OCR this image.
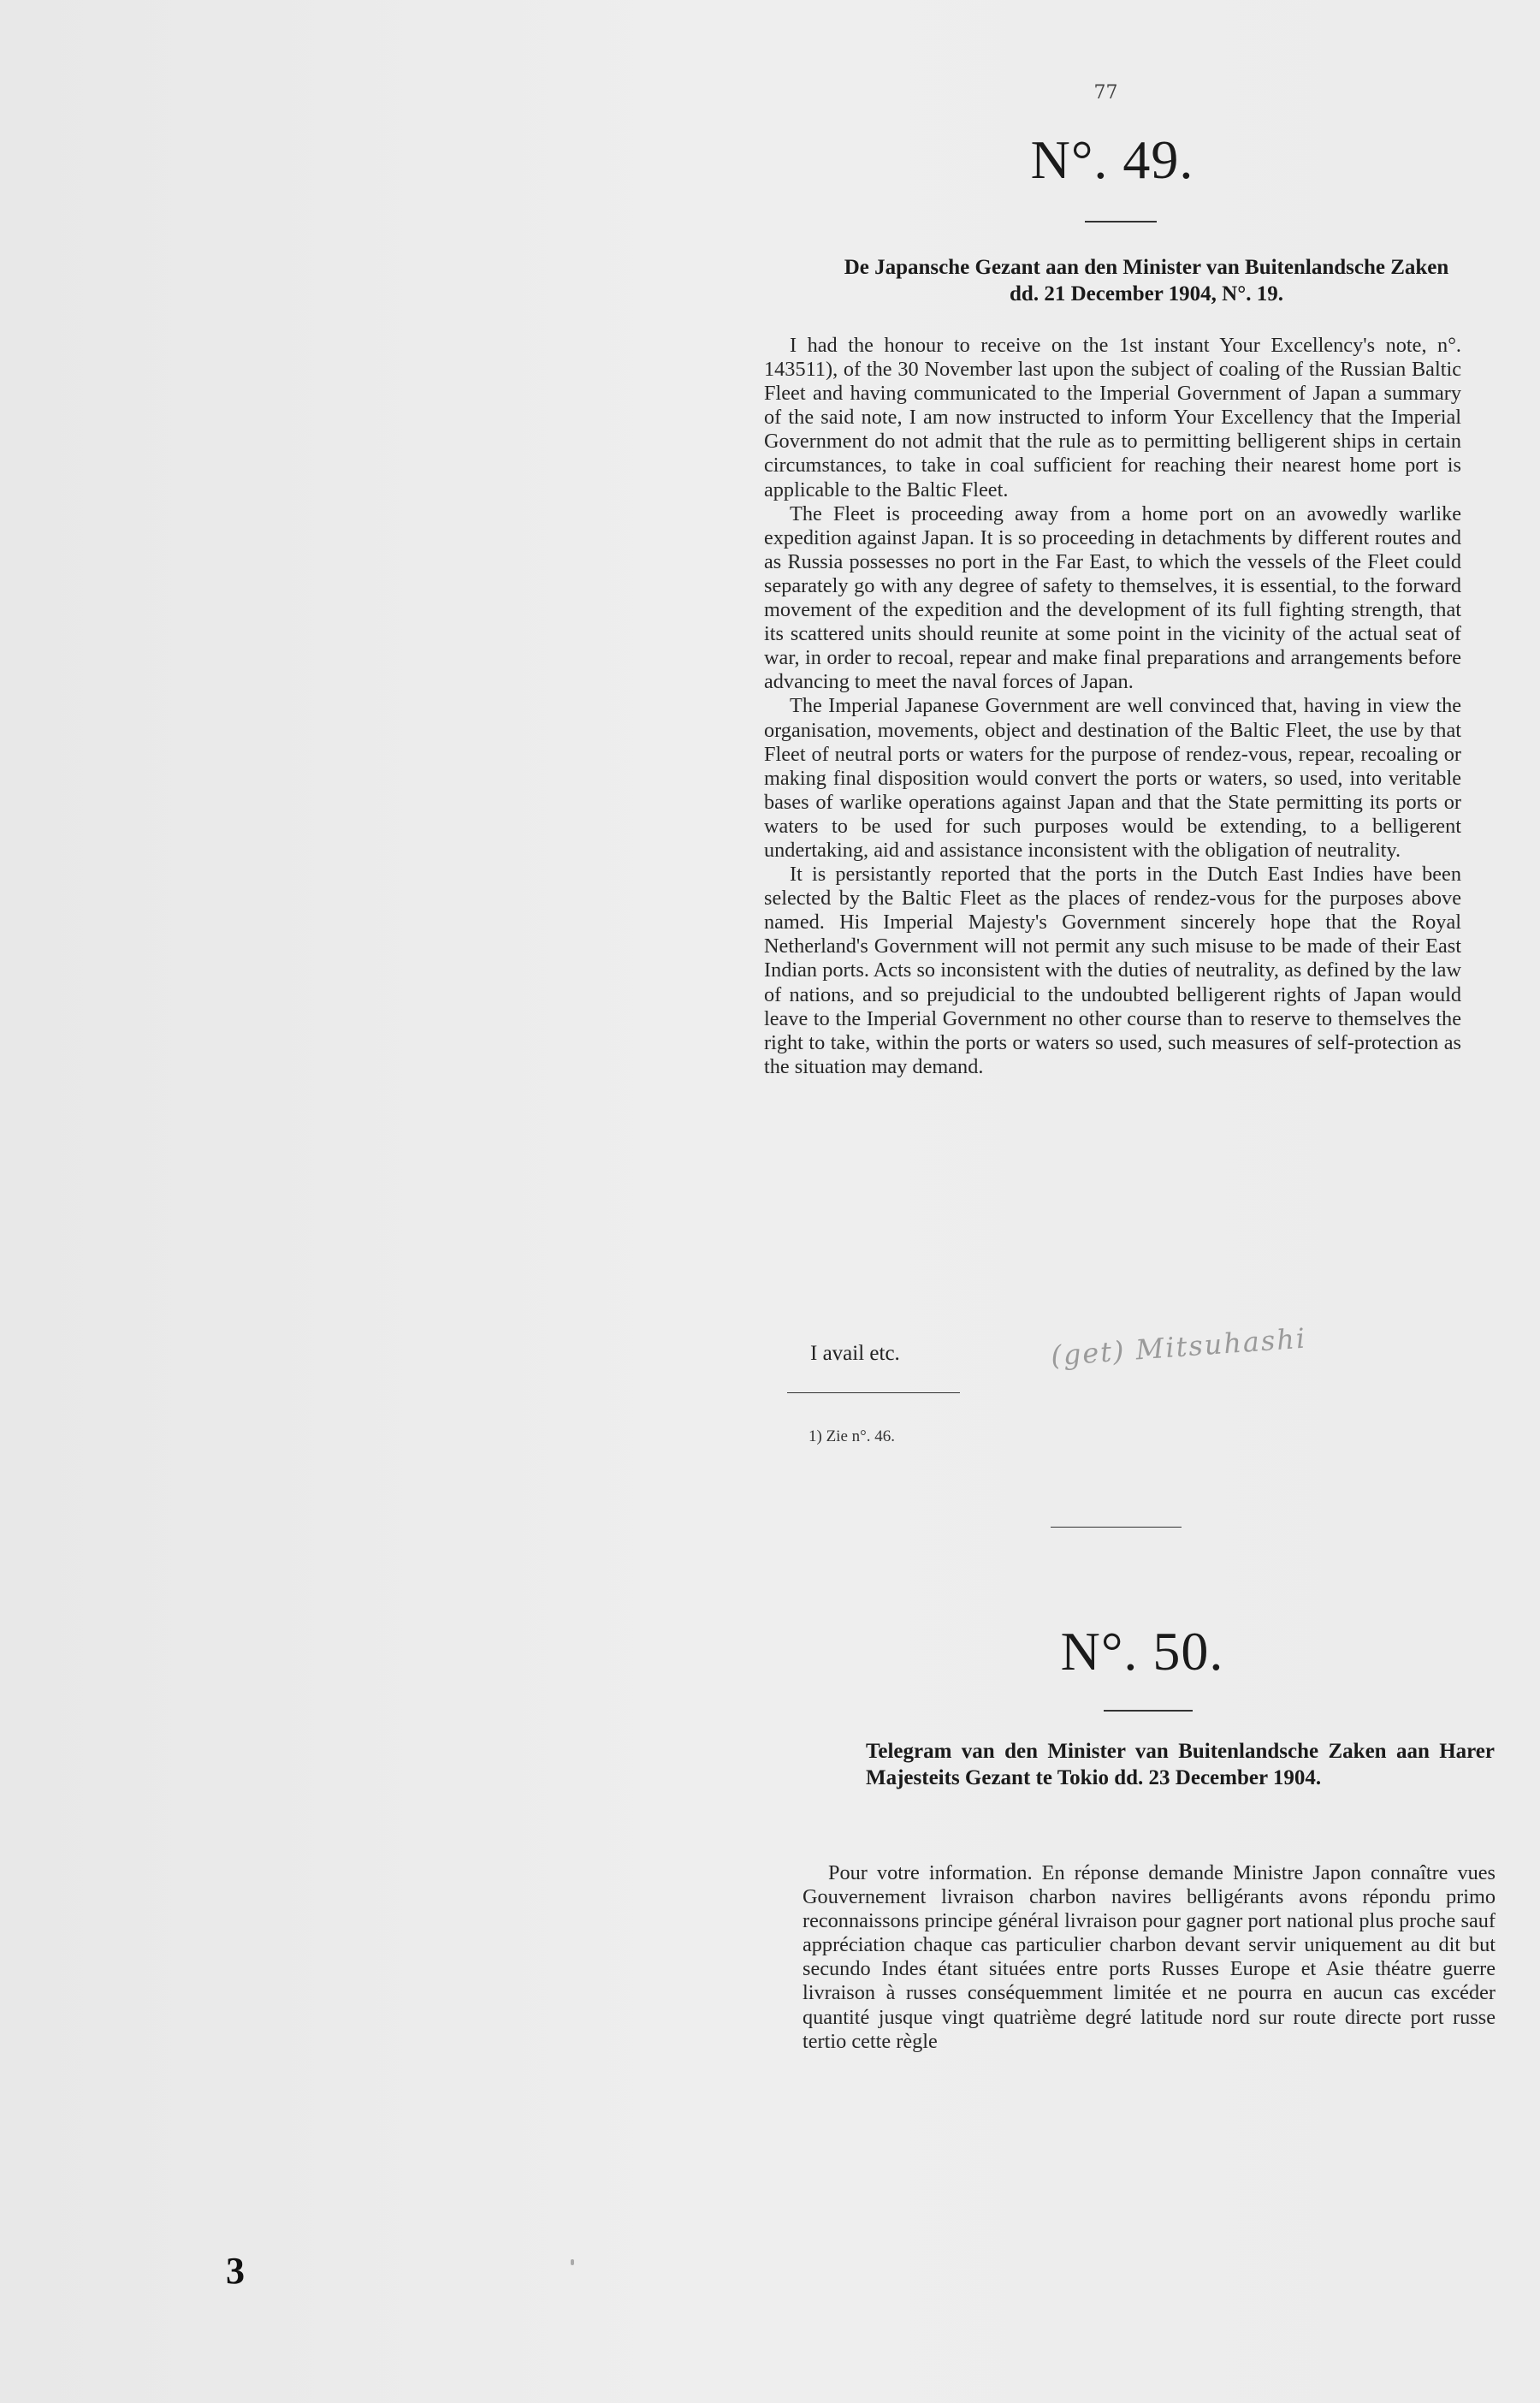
77
N°. 49.
De Japansche Gezant aan den Minister van Buitenlandsche Zaken dd. 21 December 1904, N°. 19.

I had the honour to receive on the 1st instant Your Excellency's note, n°. 143511), of the 30 November last upon the subject of coaling of the Russian Baltic Fleet and having communicated to the Imperial Government of Japan a summary of the said note, I am now instructed to inform Your Excellency that the Imperial Government do not admit that the rule as to permitting belligerent ships in certain circumstances, to take in coal sufficient for reaching their nearest home port is applicable to the Baltic Fleet.

The Fleet is proceeding away from a home port on an avowedly warlike expedition against Japan. It is so proceeding in detachments by different routes and as Russia possesses no port in the Far East, to which the vessels of the Fleet could separately go with any degree of safety to themselves, it is essential, to the forward movement of the expedition and the development of its full fighting strength, that its scattered units should reunite at some point in the vicinity of the actual seat of war, in order to recoal, repear and make final preparations and arrangements before advancing to meet the naval forces of Japan.

The Imperial Japanese Government are well convinced that, having in view the organisation, movements, object and destination of the Baltic Fleet, the use by that Fleet of neutral ports or waters for the purpose of rendez-vous, repear, recoaling or making final disposition would convert the ports or waters, so used, into veritable bases of warlike operations against Japan and that the State permitting its ports or waters to be used for such purposes would be extending, to a belligerent undertaking, aid and assistance inconsistent with the obligation of neutrality.

It is persistantly reported that the ports in the Dutch East Indies have been selected by the Baltic Fleet as the places of rendez-vous for the purposes above named. His Imperial Majesty's Government sincerely hope that the Royal Netherland's Government will not permit any such misuse to be made of their East Indian ports. Acts so inconsistent with the duties of neutrality, as defined by the law of nations, and so prejudicial to the undoubted belligerent rights of Japan would leave to the Imperial Government no other course than to reserve to themselves the right to take, within the ports or waters so used, such measures of self-protection as the situation may demand.

I avail etc.	(get) Mitsuhashi
1) Zie n°. 46.
N°. 50.
Telegram van den Minister van Buitenlandsche Zaken aan Harer Majesteits Gezant te Tokio dd. 23 December 1904.

Pour votre information. En réponse demande Ministre Japon connaître vues Gouvernement livraison charbon navires belligérants avons répondu primo reconnaissons principe général livraison pour gagner port national plus proche sauf appréciation chaque cas particulier charbon devant servir uniquement au dit but secundo Indes étant situées entre ports Russes Europe et Asie théatre guerre livraison à russes conséquemment limitée et ne pourra en aucun cas excéder quantité jusque vingt quatrième degré latitude nord sur route directe port russe tertio cette règle

3
